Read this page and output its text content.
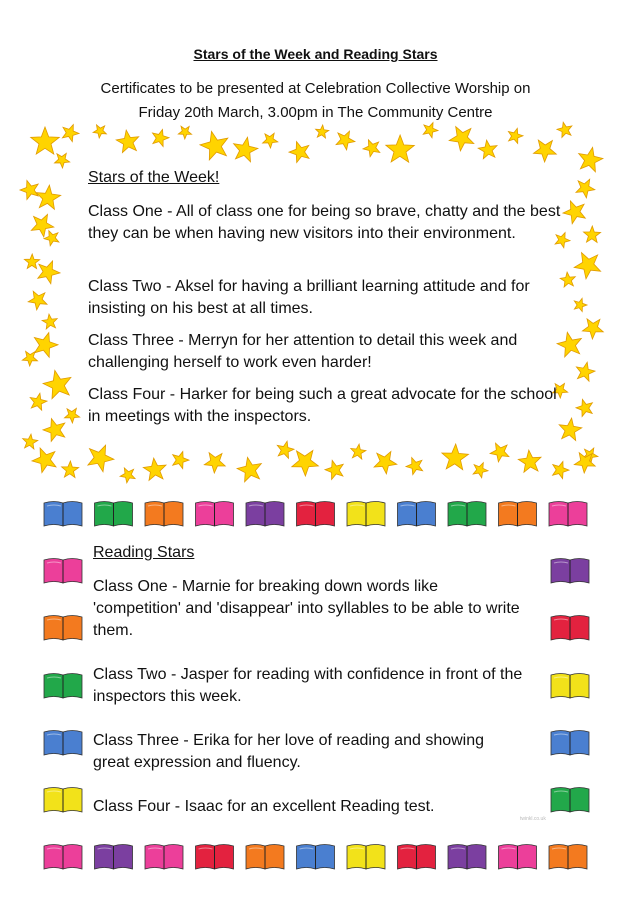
Stars of the Week and Reading Stars
Certificates to be presented at Celebration Collective Worship on
Friday 20th March, 3.00pm in The Community Centre
Stars of the Week!
Class One - All of class one for being so brave, chatty and the best they can be when having new visitors into their environment.
Class Two - Aksel for having a brilliant learning attitude and for insisting on his best at all times.
Class Three - Merryn for her attention to detail this week and challenging herself to work even harder!
Class Four - Harker for being such a great advocate for the school in meetings with the inspectors.
Reading Stars
Class One - Marnie for breaking down words like 'competition' and 'disappear' into syllables to be able to write them.
Class Two - Jasper for reading with confidence in front of the inspectors this week.
Class Three - Erika for her love of reading and showing great expression and fluency.
Class Four - Isaac for an excellent Reading test.
twinkl.co.uk
